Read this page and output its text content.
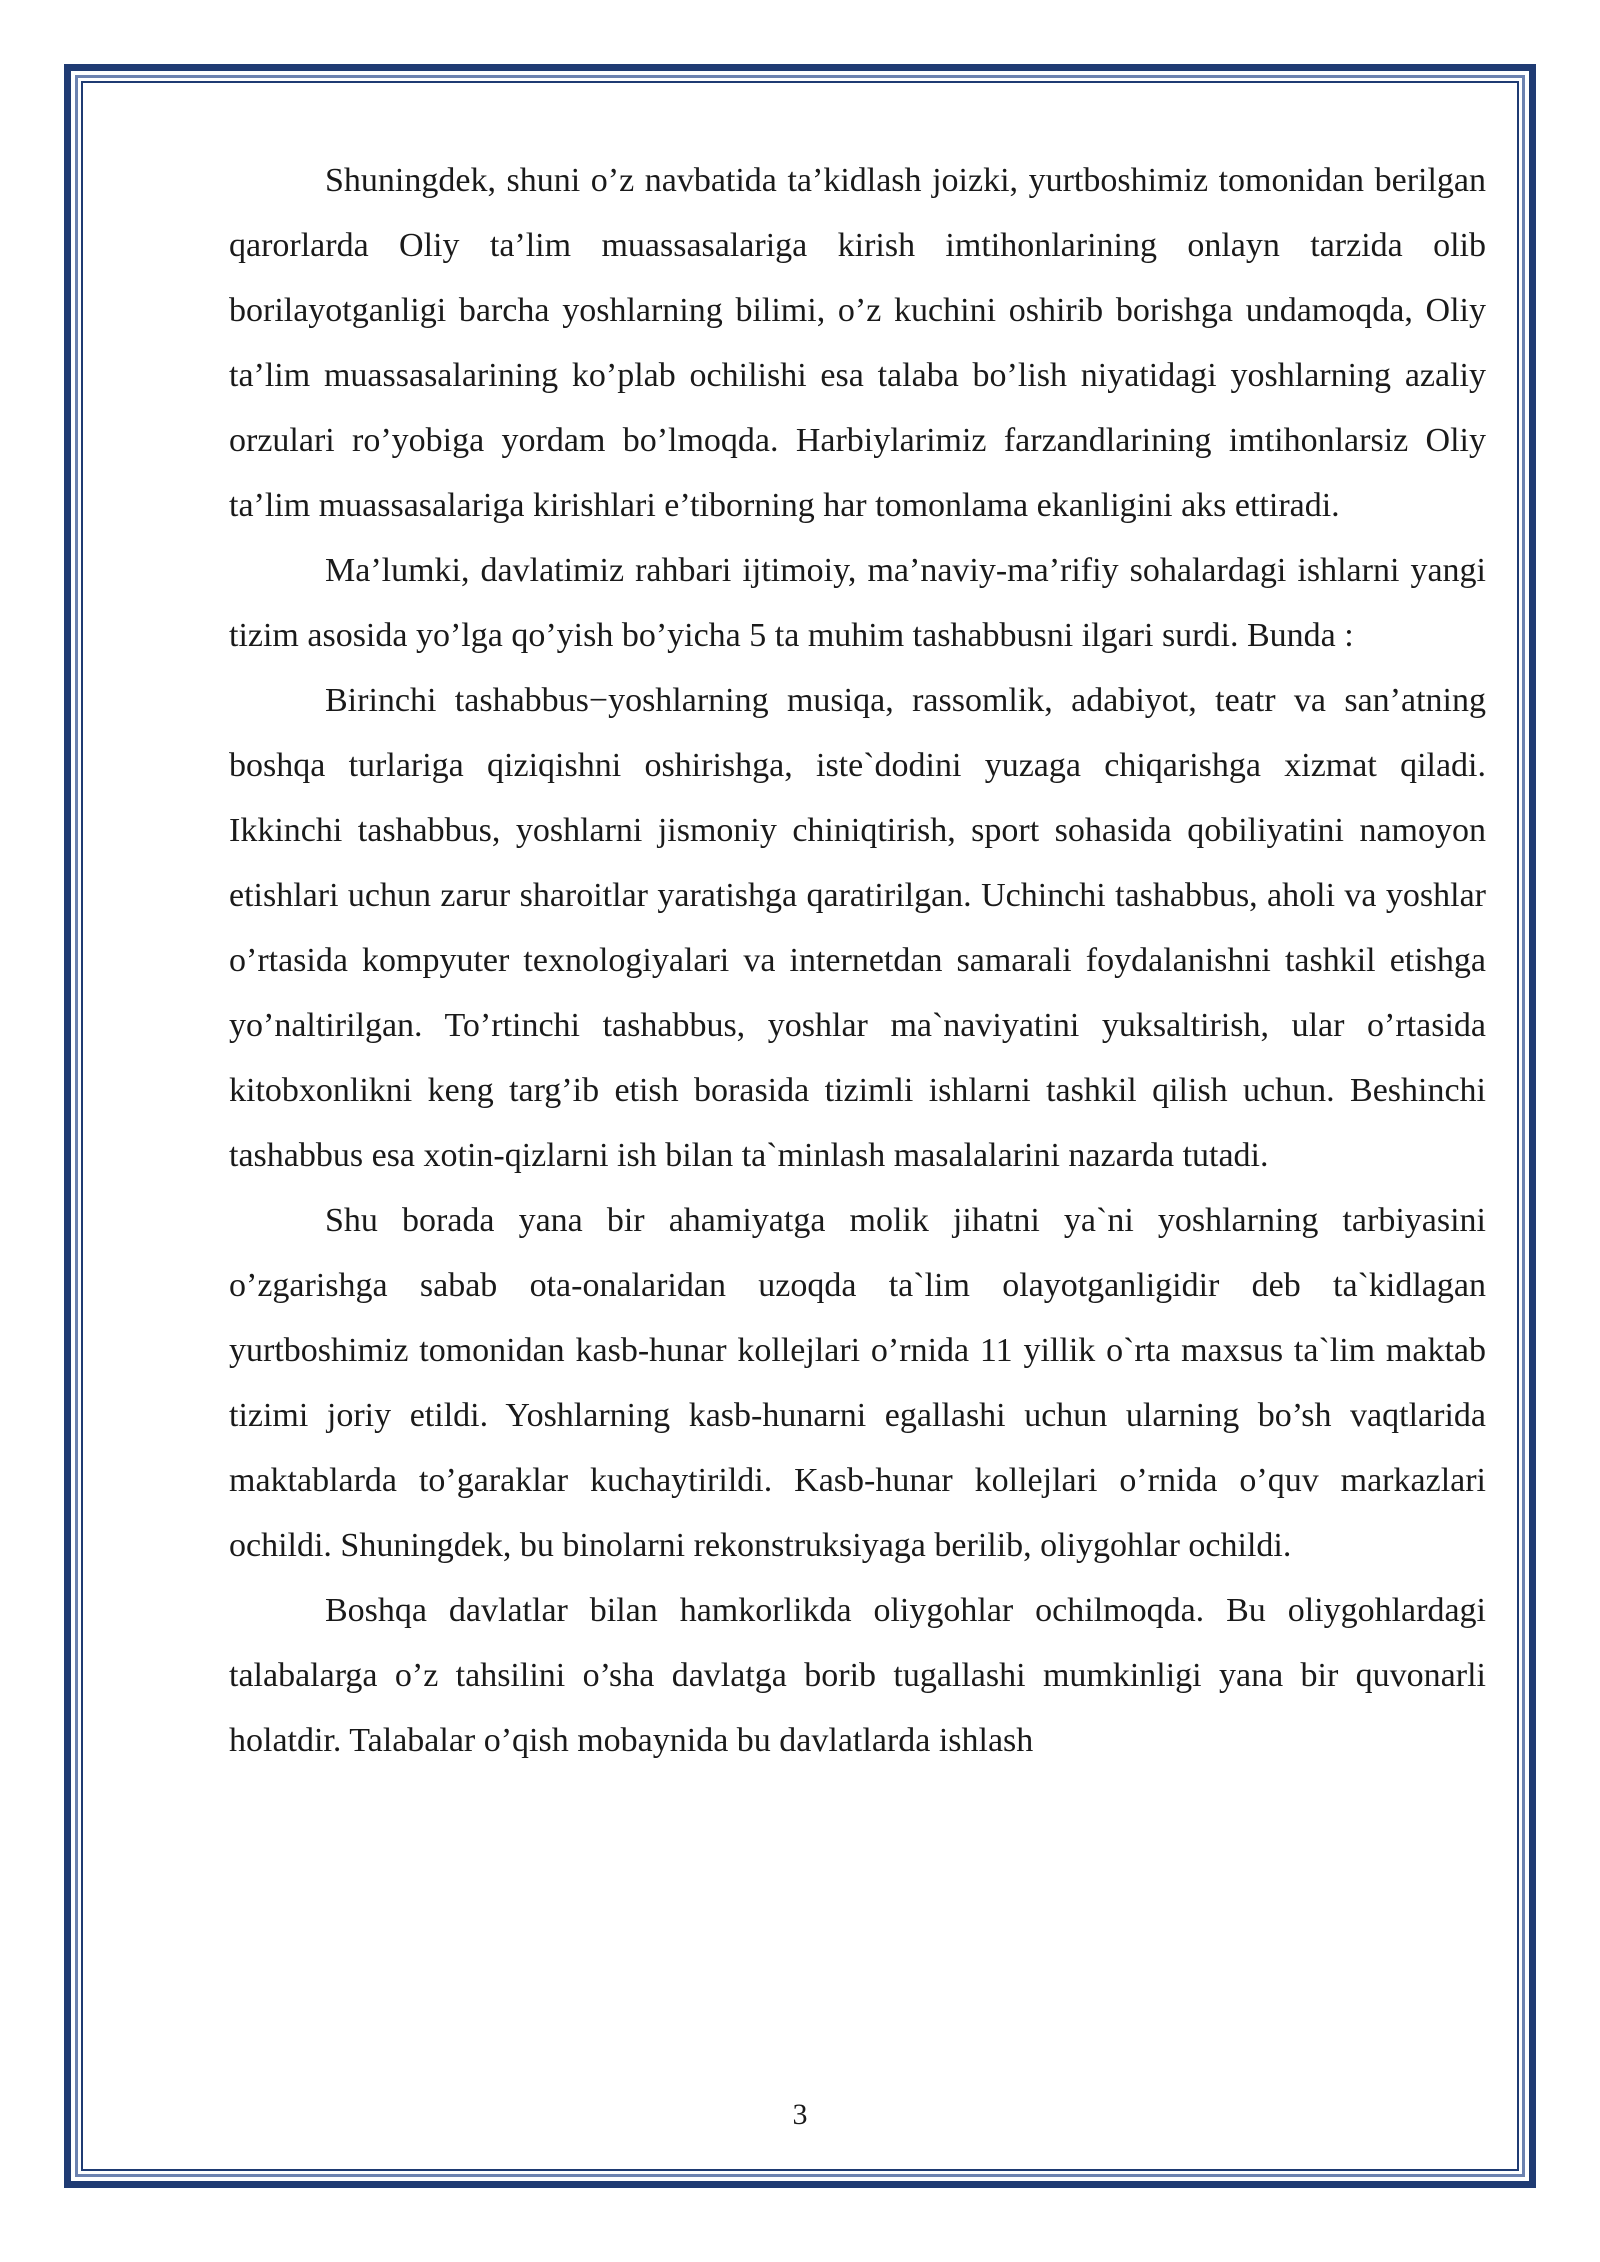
Shuningdek, shuni o’z navbatida ta’kidlash joizki, yurtboshimiz tomonidan berilgan qarorlarda Oliy ta’lim muassasalariga kirish imtihonlarining onlayn tarzida olib borilayotganligi barcha yoshlarning bilimi, o’z kuchini oshirib borishga undamoqda, Oliy ta’lim muassasalarining ko’plab ochilishi esa talaba bo’lish niyatidagi yoshlarning azaliy orzulari ro’yobiga yordam bo’lmoqda. Harbiylarimiz farzandlarining imtihonlarsiz Oliy ta’lim muassasalariga kirishlari e’tiborning har tomonlama ekanligini aks ettiradi.

Ma’lumki, davlatimiz rahbari ijtimoiy, ma’naviy-ma’rifiy sohalardagi ishlarni yangi tizim asosida yo’lga qo’yish bo’yicha 5 ta muhim tashabbusni ilgari surdi. Bunda :

Birinchi tashabbus−yoshlarning musiqa, rassomlik, adabiyot, teatr va san’atning boshqa turlariga qiziqishni oshirishga, iste`dodini yuzaga chiqarishga xizmat qiladi. Ikkinchi tashabbus, yoshlarni jismoniy chiniqtirish, sport sohasida qobiliyatini namoyon etishlari uchun zarur sharoitlar yaratishga qaratirilgan. Uchinchi tashabbus, aholi va yoshlar o’rtasida kompyuter texnologiyalari va internetdan samarali foydalanishni tashkil etishga yo’naltirilgan. To’rtinchi tashabbus, yoshlar ma`naviyatini yuksaltirish, ular o’rtasida kitobxonlikni keng targ’ib etish borasida tizimli ishlarni tashkil qilish uchun. Beshinchi tashabbus esa xotin-qizlarni ish bilan ta`minlash masalalarini nazarda tutadi.

Shu borada yana bir ahamiyatga molik jihatni ya`ni yoshlarning tarbiyasini o’zgarishga sabab ota-onalaridan uzoqda ta`lim olayotganligidir deb ta`kidlagan yurtboshimiz tomonidan kasb-hunar kollejlari o’rnida 11 yillik o`rta maxsus ta`lim maktab tizimi joriy etildi. Yoshlarning kasb-hunarni egallashi uchun ularning bo’sh vaqtlarida maktablarda to’garaklar kuchaytirildi. Kasb-hunar kollejlari o’rnida o’quv markazlari ochildi. Shuningdek, bu binolarni rekonstruksiyaga berilib, oliygohlar ochildi.

Boshqa davlatlar bilan hamkorlikda oliygohlar ochilmoqda. Bu oliygohlardagi talabalarga o’z tahsilini o’sha davlatga borib tugallashi mumkinligi yana bir quvonarli holatdir. Talabalar o’qish mobaynida bu davlatlarda ishlash

3
